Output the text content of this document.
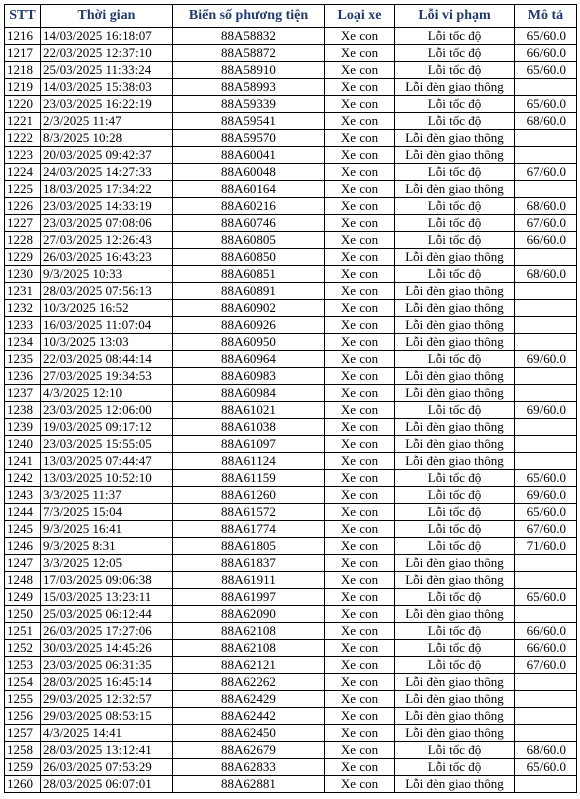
STT	Thời gian	Biển số phương tiện	Loại xe	Lỗi vi phạm	Mô tả
1216	14/03/2025 16:18:07	88A58832	Xe con	Lỗi tốc độ	65/60.0
1217	22/03/2025 12:37:10	88A58872	Xe con	Lỗi tốc độ	66/60.0
1218	25/03/2025 11:33:24	88A58910	Xe con	Lỗi tốc độ	65/60.0
1219	14/03/2025 15:38:03	88A58993	Xe con	Lỗi đèn giao thông	
1220	23/03/2025 16:22:19	88A59339	Xe con	Lỗi tốc độ	65/60.0
1221	2/3/2025 11:47	88A59541	Xe con	Lỗi tốc độ	68/60.0
1222	8/3/2025 10:28	88A59570	Xe con	Lỗi đèn giao thông	
1223	20/03/2025 09:42:37	88A60041	Xe con	Lỗi đèn giao thông	
1224	24/03/2025 14:27:33	88A60048	Xe con	Lỗi tốc độ	67/60.0
1225	18/03/2025 17:34:22	88A60164	Xe con	Lỗi đèn giao thông	
1226	23/03/2025 14:33:19	88A60216	Xe con	Lỗi tốc độ	68/60.0
1227	23/03/2025 07:08:06	88A60746	Xe con	Lỗi tốc độ	67/60.0
1228	27/03/2025 12:26:43	88A60805	Xe con	Lỗi tốc độ	66/60.0
1229	26/03/2025 16:43:23	88A60850	Xe con	Lỗi đèn giao thông	
1230	9/3/2025 10:33	88A60851	Xe con	Lỗi tốc độ	68/60.0
1231	28/03/2025 07:56:13	88A60891	Xe con	Lỗi đèn giao thông	
1232	10/3/2025 16:52	88A60902	Xe con	Lỗi đèn giao thông	
1233	16/03/2025 11:07:04	88A60926	Xe con	Lỗi đèn giao thông	
1234	10/3/2025 13:03	88A60950	Xe con	Lỗi đèn giao thông	
1235	22/03/2025 08:44:14	88A60964	Xe con	Lỗi tốc độ	69/60.0
1236	27/03/2025 19:34:53	88A60983	Xe con	Lỗi đèn giao thông	
1237	4/3/2025 12:10	88A60984	Xe con	Lỗi đèn giao thông	
1238	23/03/2025 12:06:00	88A61021	Xe con	Lỗi tốc độ	69/60.0
1239	19/03/2025 09:17:12	88A61038	Xe con	Lỗi đèn giao thông	
1240	23/03/2025 15:55:05	88A61097	Xe con	Lỗi đèn giao thông	
1241	13/03/2025 07:44:47	88A61124	Xe con	Lỗi đèn giao thông	
1242	13/03/2025 10:52:10	88A61159	Xe con	Lỗi tốc độ	65/60.0
1243	3/3/2025 11:37	88A61260	Xe con	Lỗi tốc độ	69/60.0
1244	7/3/2025 15:04	88A61572	Xe con	Lỗi tốc độ	65/60.0
1245	9/3/2025 16:41	88A61774	Xe con	Lỗi tốc độ	67/60.0
1246	9/3/2025 8:31	88A61805	Xe con	Lỗi tốc độ	71/60.0
1247	3/3/2025 12:05	88A61837	Xe con	Lỗi đèn giao thông	
1248	17/03/2025 09:06:38	88A61911	Xe con	Lỗi đèn giao thông	
1249	15/03/2025 13:23:11	88A61997	Xe con	Lỗi tốc độ	65/60.0
1250	25/03/2025 06:12:44	88A62090	Xe con	Lỗi đèn giao thông	
1251	26/03/2025 17:27:06	88A62108	Xe con	Lỗi tốc độ	66/60.0
1252	30/03/2025 14:45:26	88A62108	Xe con	Lỗi tốc độ	66/60.0
1253	23/03/2025 06:31:35	88A62121	Xe con	Lỗi tốc độ	67/60.0
1254	28/03/2025 16:45:14	88A62262	Xe con	Lỗi đèn giao thông	
1255	29/03/2025 12:32:57	88A62429	Xe con	Lỗi đèn giao thông	
1256	29/03/2025 08:53:15	88A62442	Xe con	Lỗi đèn giao thông	
1257	4/3/2025 14:41	88A62450	Xe con	Lỗi đèn giao thông	
1258	28/03/2025 13:12:41	88A62679	Xe con	Lỗi tốc độ	68/60.0
1259	26/03/2025 07:53:29	88A62833	Xe con	Lỗi tốc độ	65/60.0
1260	28/03/2025 06:07:01	88A62881	Xe con	Lỗi đèn giao thông	
